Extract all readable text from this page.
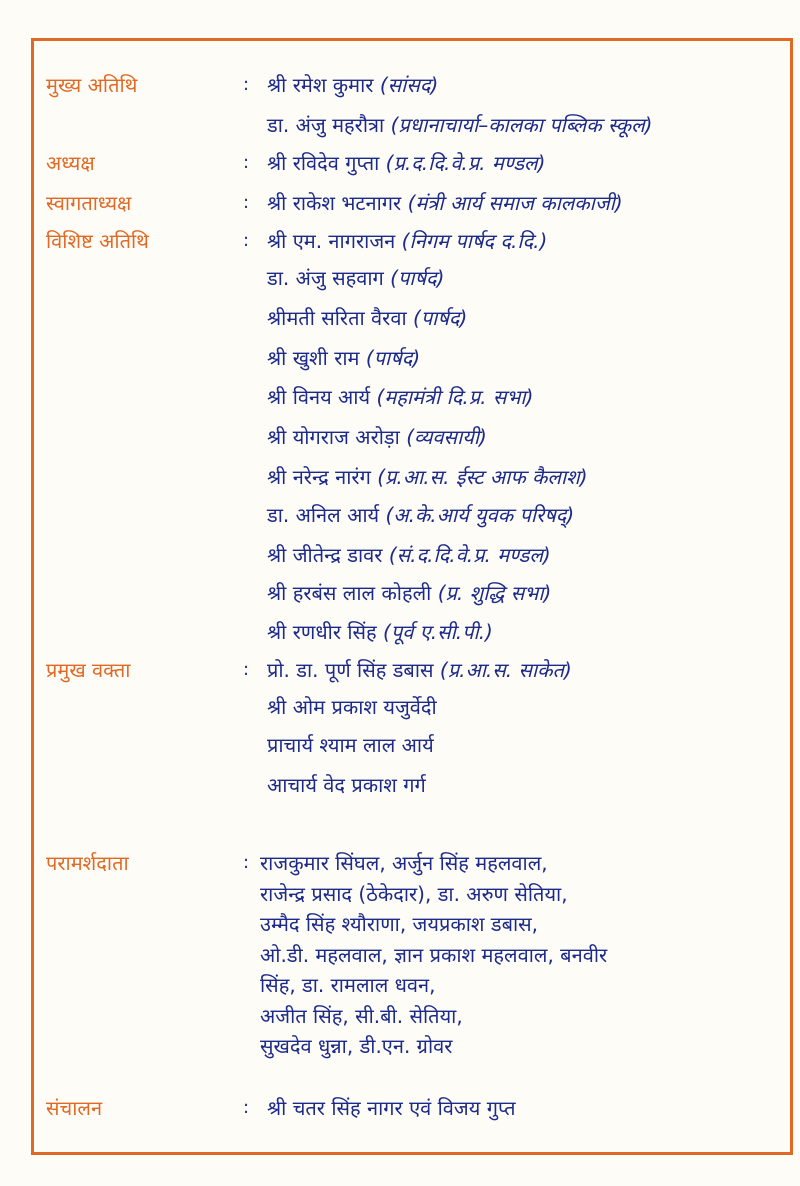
मुख्य अतिथि	: श्री रमेश कुमार (सांसद)
डा. अंजु महरौत्रा (प्रधानाचार्या–कालका पब्लिक स्कूल)
अध्यक्ष	: श्री रविदेव गुप्ता (प्र.द.दि.वे.प्र. मण्डल)
स्वागताध्यक्ष	: श्री राकेश भटनागर (मंत्री आर्य समाज कालकाजी)
विशिष्ट अतिथि	: श्री एम. नागराजन (निगम पार्षद द.दि.)
डा. अंजु सहवाग (पार्षद)
श्रीमती सरिता वैरवा (पार्षद)
श्री खुशी राम (पार्षद)
श्री विनय आर्य (महामंत्री दि.प्र. सभा)
श्री योगराज अरोड़ा (व्यवसायी)
श्री नरेन्द्र नारंग (प्र.आ.स. ईस्ट आफ कैलाश)
डा. अनिल आर्य (अ.के.आर्य युवक परिषद्)
श्री जीतेन्द्र डावर (सं.द.दि.वे.प्र. मण्डल)
श्री हरबंस लाल कोहली (प्र. शुद्धि सभा)
श्री रणधीर सिंह (पूर्व ए.सी.पी.)
प्रमुख वक्ता	: प्रो. डा. पूर्ण सिंह डबास (प्र.आ.स. साकेत)
श्री ओम प्रकाश यजुर्वेदी
प्राचार्य श्याम लाल आर्य
आचार्य वेद प्रकाश गर्ग
परामर्शदाता	: राजकुमार सिंघल, अर्जुन सिंह महलवाल,
राजेन्द्र प्रसाद (ठेकेदार), डा. अरुण सेतिया,
उम्मैद सिंह श्यौराणा, जयप्रकाश डबास,
ओ.डी. महलवाल, ज्ञान प्रकाश महलवाल, बनवीर
सिंह, डा. रामलाल धवन,
अजीत सिंह, सी.बी. सेतिया,
सुखदेव धुन्ना, डी.एन. ग्रोवर
संचालन	: श्री चतर सिंह नागर एवं विजय गुप्त
